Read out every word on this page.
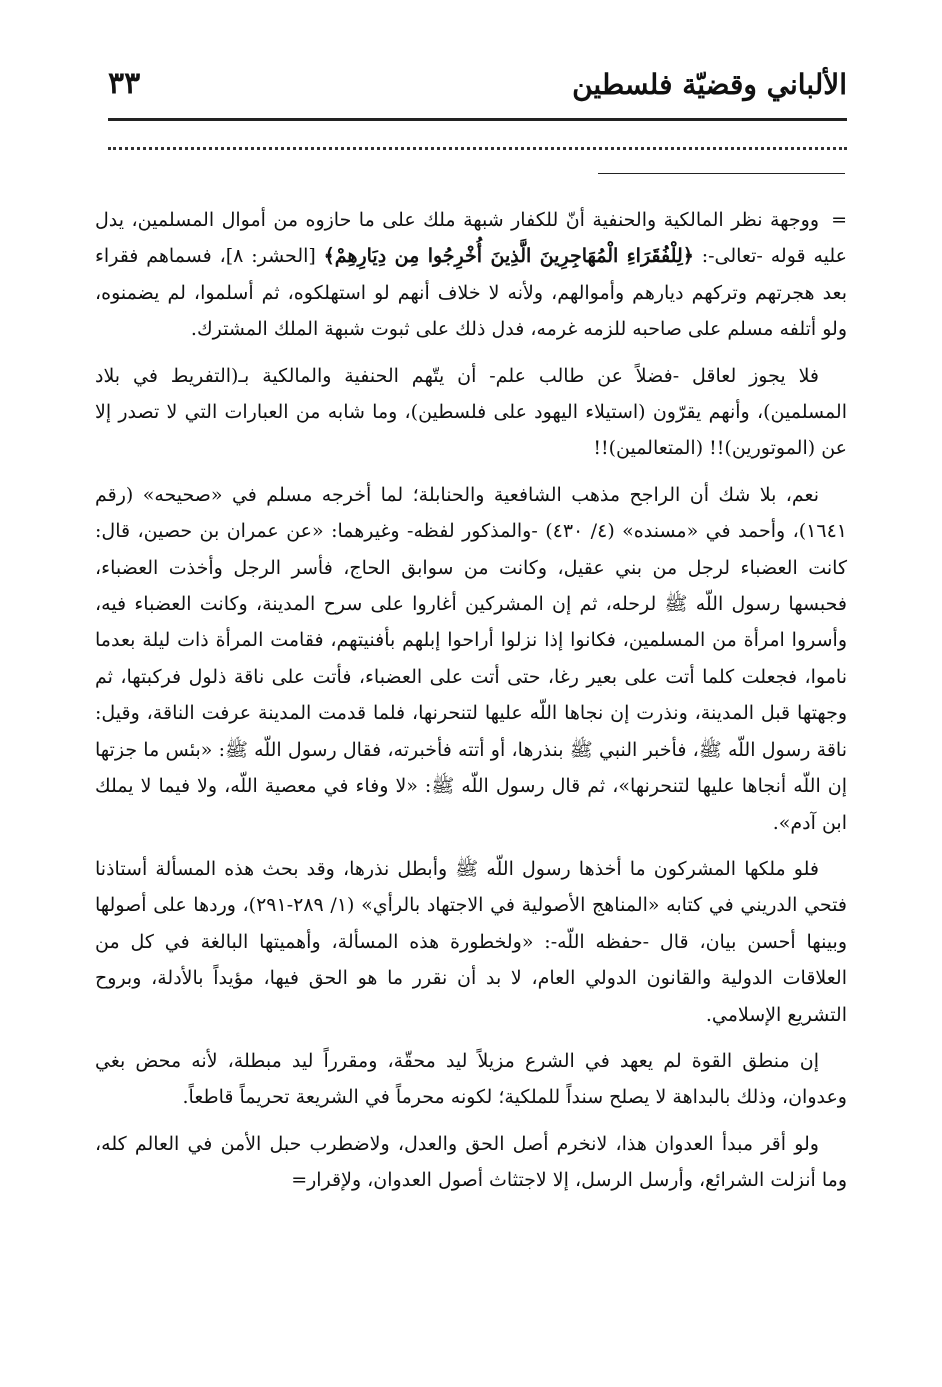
الألباني وقضيّة فلسطين
٣٣

=ووجهة نظر المالكية والحنفية أنّ للكفار شبهة ملك على ما حازوه من أموال المسلمين، يدل عليه قوله -تعالى-: ﴿لِلْفُقَرَاءِ الْمُهَاجِرِينَ الَّذِينَ أُخْرِجُوا مِن دِيَارِهِمْ﴾ [الحشر: ٨]، فسماهم فقراء بعد هجرتهم وتركهم ديارهم وأموالهم، ولأنه لا خلاف أنهم لو استهلكوه، ثم أسلموا، لم يضمنوه، ولو أتلفه مسلم على صاحبه للزمه غرمه، فدل ذلك على ثبوت شبهة الملك المشترك.

فلا يجوز لعاقل -فضلاً عن طالب علم- أن يتّهم الحنفية والمالكية بـ(التفريط في بلاد المسلمين)، وأنهم يقرّون (استيلاء اليهود على فلسطين)، وما شابه من العبارات التي لا تصدر إلا عن (الموتورين)!! (المتعالمين)!!

نعم، بلا شك أن الراجح مذهب الشافعية والحنابلة؛ لما أخرجه مسلم في «صحيحه» (رقم ١٦٤١)، وأحمد في «مسنده» (٤/ ٤٣٠) -والمذكور لفظه- وغيرهما: «عن عمران بن حصين، قال: كانت العضباء لرجل من بني عقيل، وكانت من سوابق الحاج، فأسر الرجل وأخذت العضباء، فحبسها رسول اللّه ﷺ لرحله، ثم إن المشركين أغاروا على سرح المدينة، وكانت العضباء فيه، وأسروا امرأة من المسلمين، فكانوا إذا نزلوا أراحوا إبلهم بأفنيتهم، فقامت المرأة ذات ليلة بعدما ناموا، فجعلت كلما أتت على بعير رغا، حتى أتت على العضباء، فأتت على ناقة ذلول فركبتها، ثم وجهتها قبل المدينة، ونذرت إن نجاها اللّه عليها لتنحرنها، فلما قدمت المدينة عرفت الناقة، وقيل: ناقة رسول اللّه ﷺ، فأخبر النبي ﷺ بنذرها، أو أتته فأخبرته، فقال رسول اللّه ﷺ: «بئس ما جزتها إن اللّه أنجاها عليها لتنحرنها»، ثم قال رسول اللّه ﷺ: «لا وفاء في معصية اللّه، ولا فيما لا يملك ابن آدم».

فلو ملكها المشركون ما أخذها رسول اللّه ﷺ وأبطل نذرها، وقد بحث هذه المسألة أستاذنا فتحي الدريني في كتابه «المناهج الأصولية في الاجتهاد بالرأي» (١/ ٢٨٩-٢٩١)، وردها على أصولها وبينها أحسن بيان، قال -حفظه اللّه-: «ولخطورة هذه المسألة، وأهميتها البالغة في كل من العلاقات الدولية والقانون الدولي العام، لا بد أن نقرر ما هو الحق فيها، مؤيداً بالأدلة، وبروح التشريع الإسلامي.

إن منطق القوة لم يعهد في الشرع مزيلاً ليد محقّة، ومقرراً ليد مبطلة، لأنه محض بغي وعدوان، وذلك بالبداهة لا يصلح سنداً للملكية؛ لكونه محرماً في الشريعة تحريماً قاطعاً.

ولو أقر مبدأ العدوان هذا، لانخرم أصل الحق والعدل، ولاضطرب حبل الأمن في العالم كله، وما أنزلت الشرائع، وأرسل الرسل، إلا لاجتثاث أصول العدوان، ولإقرار=
